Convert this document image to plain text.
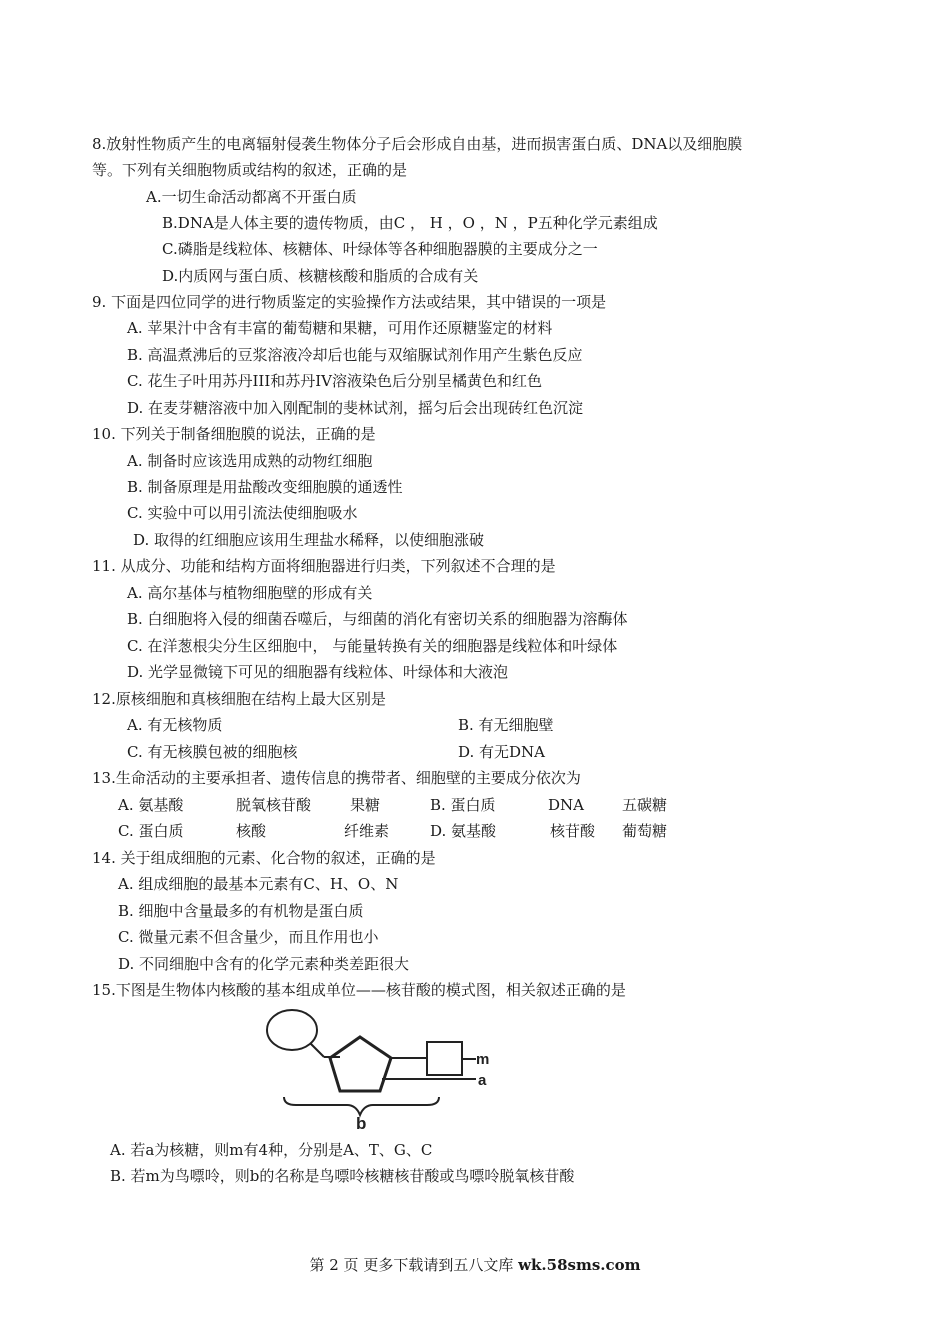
8.放射性物质产生的电离辐射侵袭生物体分子后会形成自由基，进而损害蛋白质、DNA以及细胞膜
等。下列有关细胞物质或结构的叙述，正确的是
A.一切生命活动都离不开蛋白质
B.DNA是人体主要的遗传物质，由C ， H ，O ，N ，P五种化学元素组成
C.磷脂是线粒体、核糖体、叶绿体等各种细胞器膜的主要成分之一
D.内质网与蛋白质、核糖核酸和脂质的合成有关
9. 下面是四位同学的进行物质鉴定的实验操作方法或结果，其中错误的一项是
A. 苹果汁中含有丰富的葡萄糖和果糖，可用作还原糖鉴定的材料
B. 高温煮沸后的豆浆溶液冷却后也能与双缩脲试剂作用产生紫色反应
C. 花生子叶用苏丹III和苏丹IV溶液染色后分别呈橘黄色和红色
D. 在麦芽糖溶液中加入刚配制的斐林试剂，摇匀后会出现砖红色沉淀
10. 下列关于制备细胞膜的说法，正确的是
A. 制备时应该选用成熟的动物红细胞
B. 制备原理是用盐酸改变细胞膜的通透性
C. 实验中可以用引流法使细胞吸水
D. 取得的红细胞应该用生理盐水稀释，以使细胞涨破
11. 从成分、功能和结构方面将细胞器进行归类，下列叙述不合理的是
A. 高尔基体与植物细胞壁的形成有关
B. 白细胞将入侵的细菌吞噬后，与细菌的消化有密切关系的细胞器为溶酶体
C. 在洋葱根尖分生区细胞中， 与能量转换有关的细胞器是线粒体和叶绿体
D. 光学显微镜下可见的细胞器有线粒体、叶绿体和大液泡
12.原核细胞和真核细胞在结构上最大区别是
A. 有无核物质	B. 有无细胞壁
C. 有无核膜包被的细胞核	D. 有无DNA
13.生命活动的主要承担者、遗传信息的携带者、细胞壁的主要成分依次为
A. 氨基酸	脱氧核苷酸	果糖	B. 蛋白质	DNA	五碳糖
C. 蛋白质	核酸	纤维素	D. 氨基酸	核苷酸 葡萄糖
14. 关于组成细胞的元素、化合物的叙述，正确的是
A. 组成细胞的最基本元素有C、H、O、N
B. 细胞中含量最多的有机物是蛋白质
C. 微量元素不但含量少，而且作用也小
D. 不同细胞中含有的化学元素种类差距很大
15.下图是生物体内核酸的基本组成单位——核苷酸的模式图，相关叙述正确的是
m
a
b
A. 若a为核糖，则m有4种，分别是A、T、G、C
B. 若m为鸟嘌呤，则b的名称是鸟嘌呤核糖核苷酸或鸟嘌呤脱氧核苷酸
第 2 页 更多下载请到五八文库 wk.58sms.com
